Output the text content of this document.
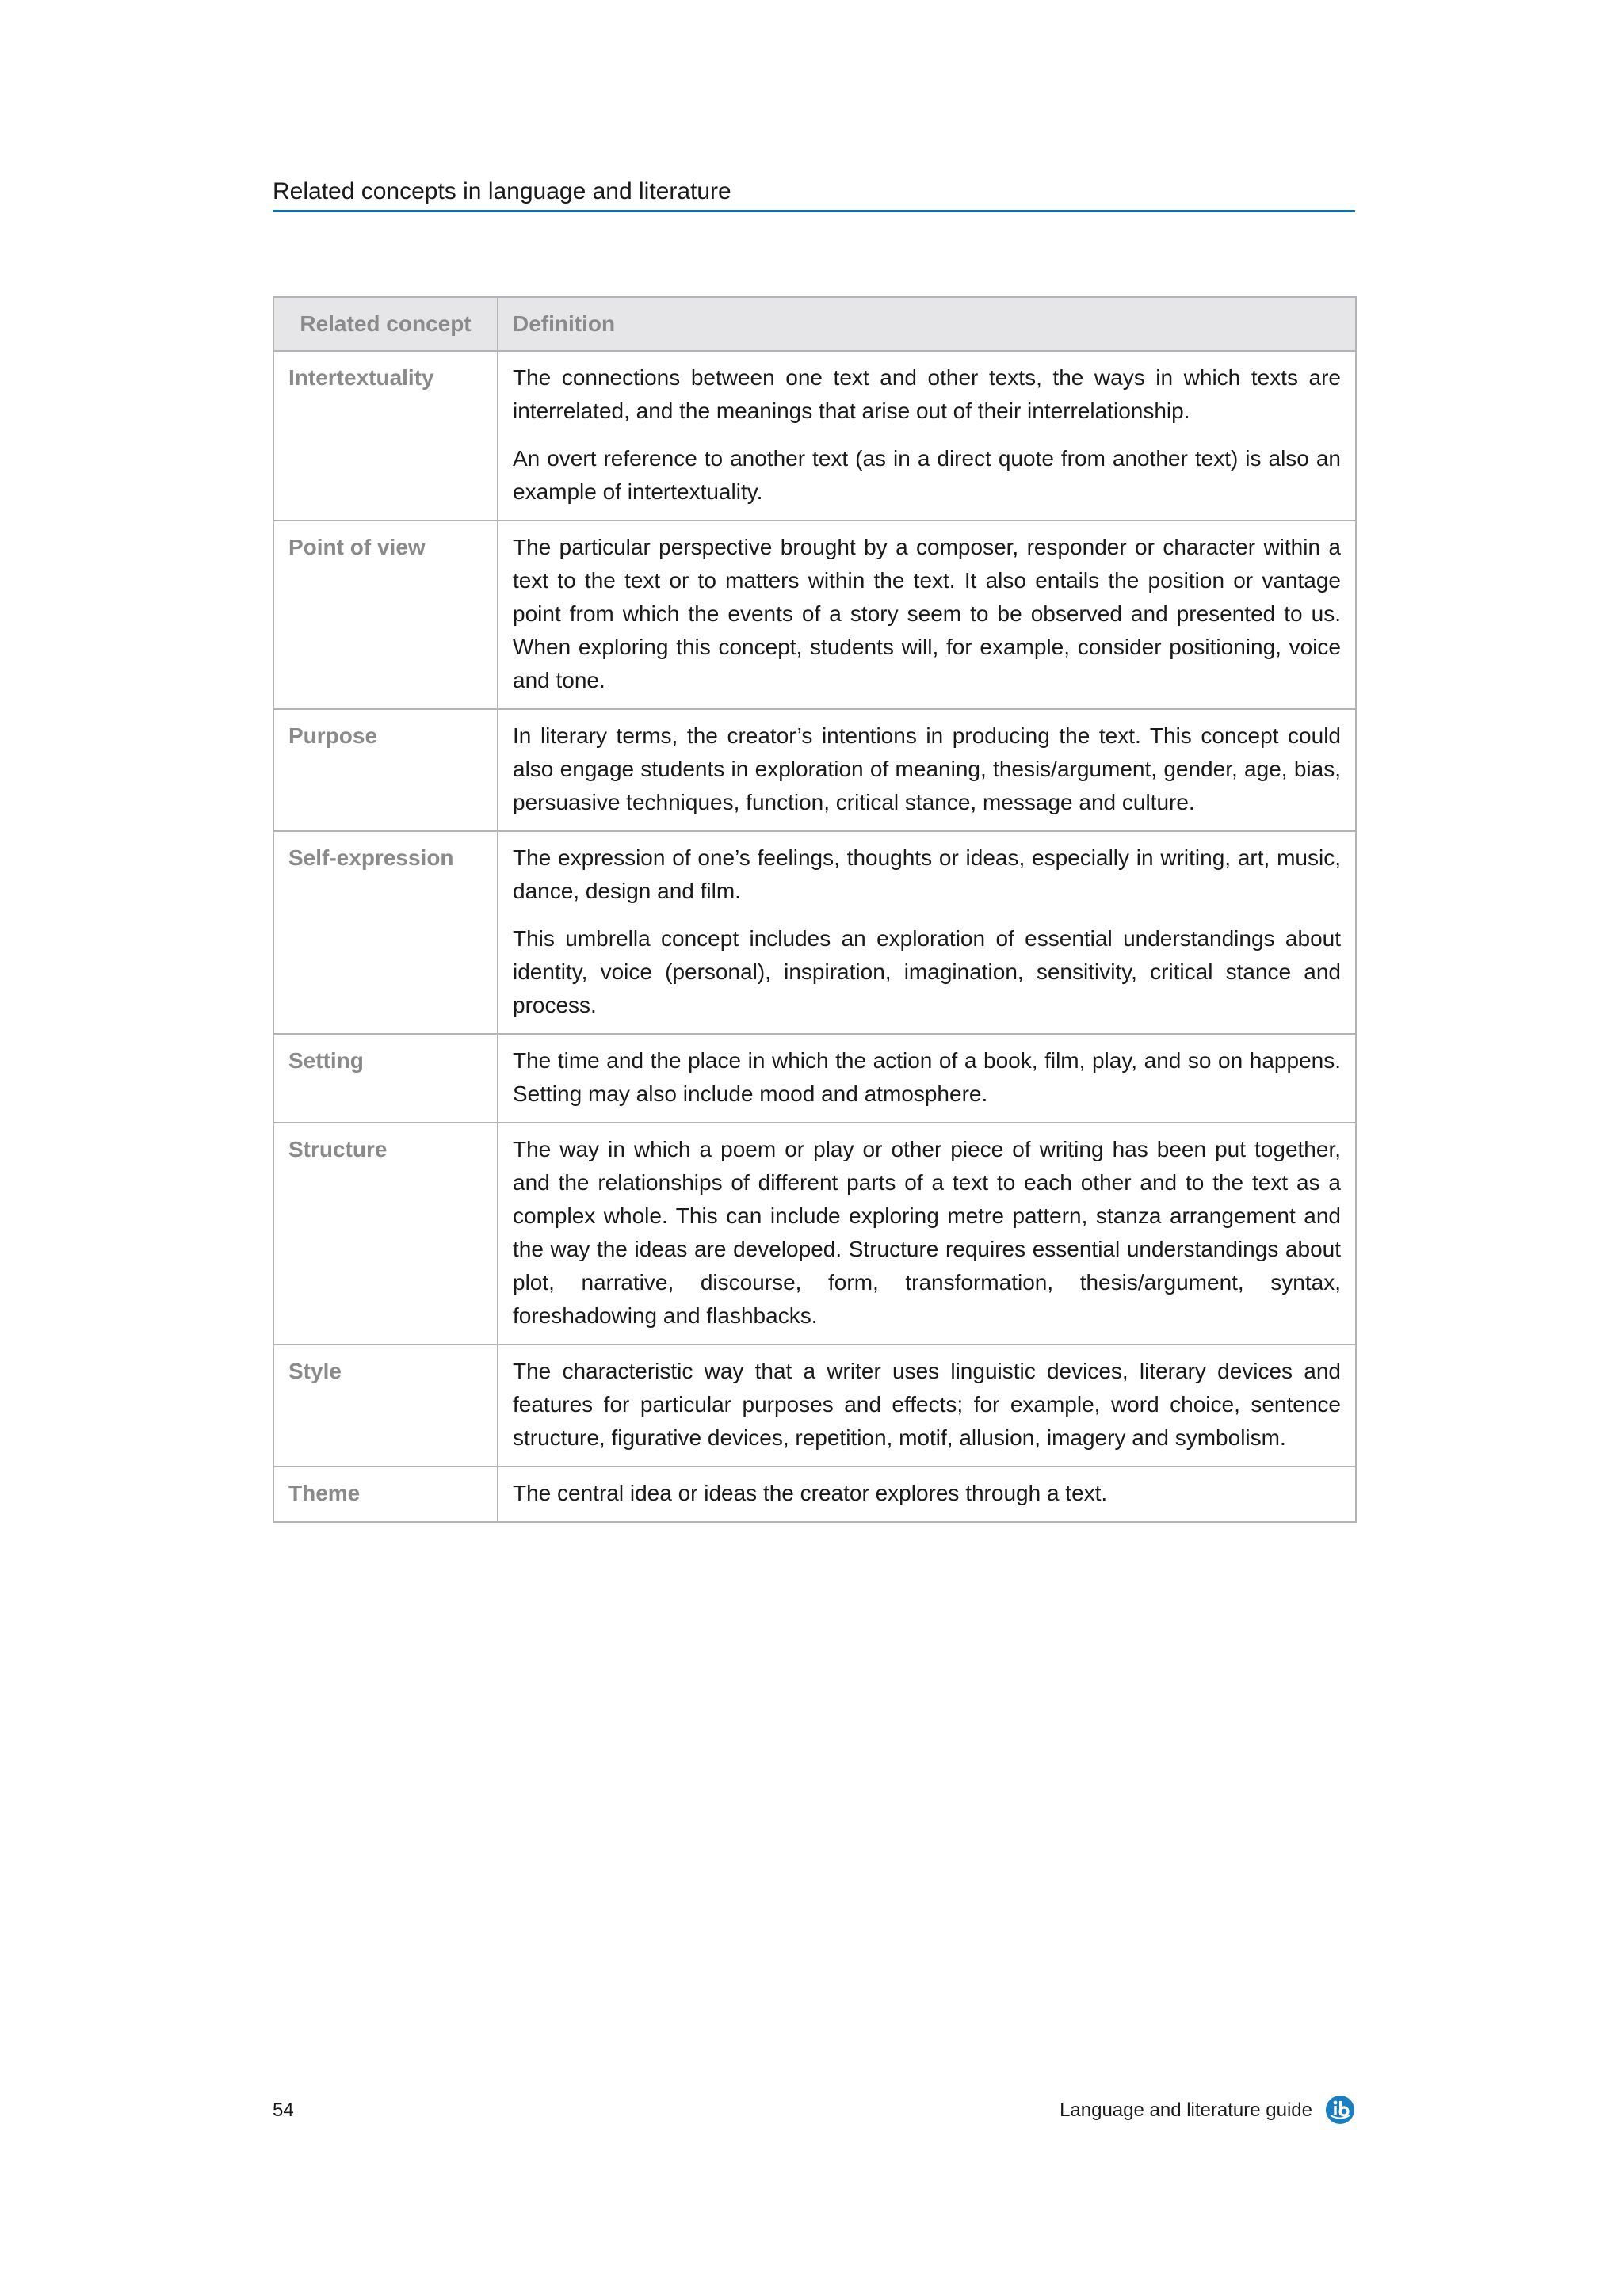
Related concepts in language and literature
Related concept	Definition
Intertextuality	The connections between one text and other texts, the ways in which texts are interrelated, and the meanings that arise out of their interrelationship.

An overt reference to another text (as in a direct quote from another text) is also an example of intertextuality.

Point of view	The particular perspective brought by a composer, responder or character within a text to the text or to matters within the text. It also entails the position or vantage point from which the events of a story seem to be observed and presented to us. When exploring this concept, students will, for example, consider positioning, voice and tone.

Purpose	In literary terms, the creator’s intentions in producing the text. This concept could also engage students in exploration of meaning, thesis/argument, gender, age, bias, persuasive techniques, function, critical stance, message and culture.

Self-expression	The expression of one’s feelings, thoughts or ideas, especially in writing, art, music, dance, design and film.

This umbrella concept includes an exploration of essential understandings about identity, voice (personal), inspiration, imagination, sensitivity, critical stance and process.

Setting	The time and the place in which the action of a book, film, play, and so on happens. Setting may also include mood and atmosphere.

Structure	The way in which a poem or play or other piece of writing has been put together, and the relationships of different parts of a text to each other and to the text as a complex whole. This can include exploring metre pattern, stanza arrangement and the way the ideas are developed. Structure requires essential understandings about plot, narrative, discourse, form, transformation, thesis/argument, syntax, foreshadowing and flashbacks.

Style	The characteristic way that a writer uses linguistic devices, literary devices and features for particular purposes and effects; for example, word choice, sentence structure, figurative devices, repetition, motif, allusion, imagery and symbolism.

Theme	The central idea or ideas the creator explores through a text.

54	Language and literature guide
